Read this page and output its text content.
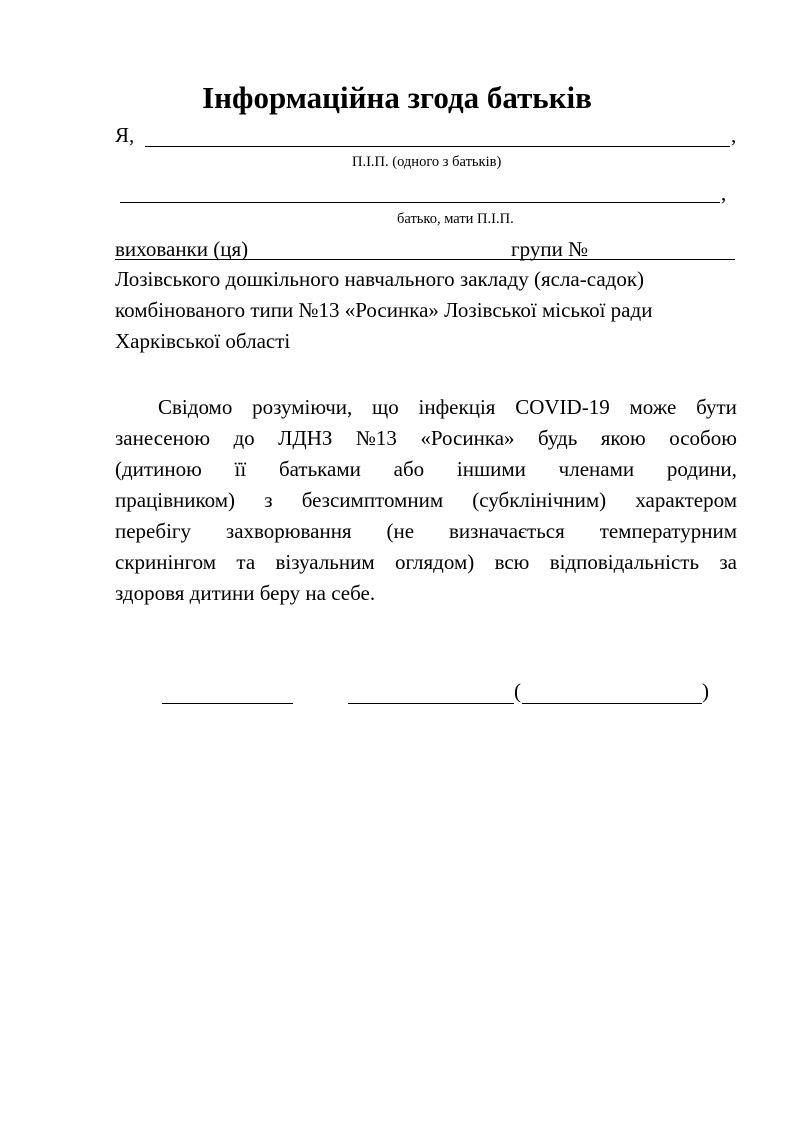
Інформаційна згода батьків
Я,	,
П.І.П. (одного з батьків)
,
батько, мати П.І.П.
вихованки (ця)	групи №
Лозівського дошкільного навчального закладу (ясла-садок)
комбінованого типи №13 «Росинка» Лозівської міської ради
Харківської області
Свідомо розуміючи, що інфекція COVID-19 може бути
занесеною до ЛДНЗ №13 «Росинка» будь якою особою
(дитиною її батьками або іншими членами родини,
працівником) з безсимптомним (субклінічним) характером
перебігу захворювання (не визначається температурним
скринінгом та візуальним оглядом) всю відповідальність за
здоровя дитини беру на себе.
(	)
